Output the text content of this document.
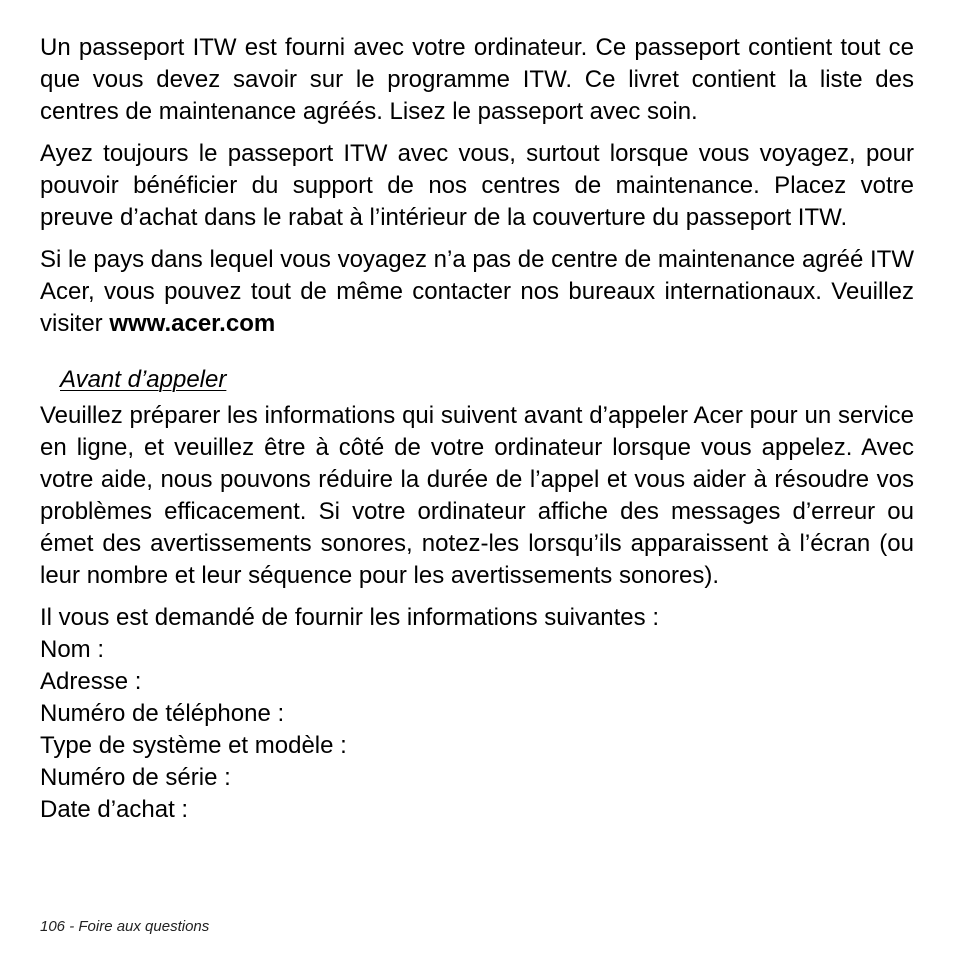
Un passeport ITW est fourni avec votre ordinateur. Ce passeport contient tout ce que vous devez savoir sur le programme ITW. Ce livret contient la liste des centres de maintenance agréés. Lisez le passeport avec soin.

Ayez toujours le passeport ITW avec vous, surtout lorsque vous voyagez, pour pouvoir bénéficier du support de nos centres de maintenance. Placez votre preuve d’achat dans le rabat à l’intérieur de la couverture du passeport ITW.

Si le pays dans lequel vous voyagez n’a pas de centre de maintenance agréé ITW Acer, vous pouvez tout de même contacter nos bureaux internationaux. Veuillez visiter www.acer.com

Avant d’appeler

Veuillez préparer les informations qui suivent avant d’appeler Acer pour un service en ligne, et veuillez être à côté de votre ordinateur lorsque vous appelez. Avec votre aide, nous pouvons réduire la durée de l’appel et vous aider à résoudre vos problèmes efficacement. Si votre ordinateur affiche des messages d’erreur ou émet des avertissements sonores, notez-les lorsqu’ils apparaissent à l’écran (ou leur nombre et leur séquence pour les avertissements sonores).

Il vous est demandé de fournir les informations suivantes :

Nom :
Adresse :
Numéro de téléphone :
Type de système et modèle :
Numéro de série :
Date d’achat :
106 - Foire aux questions
